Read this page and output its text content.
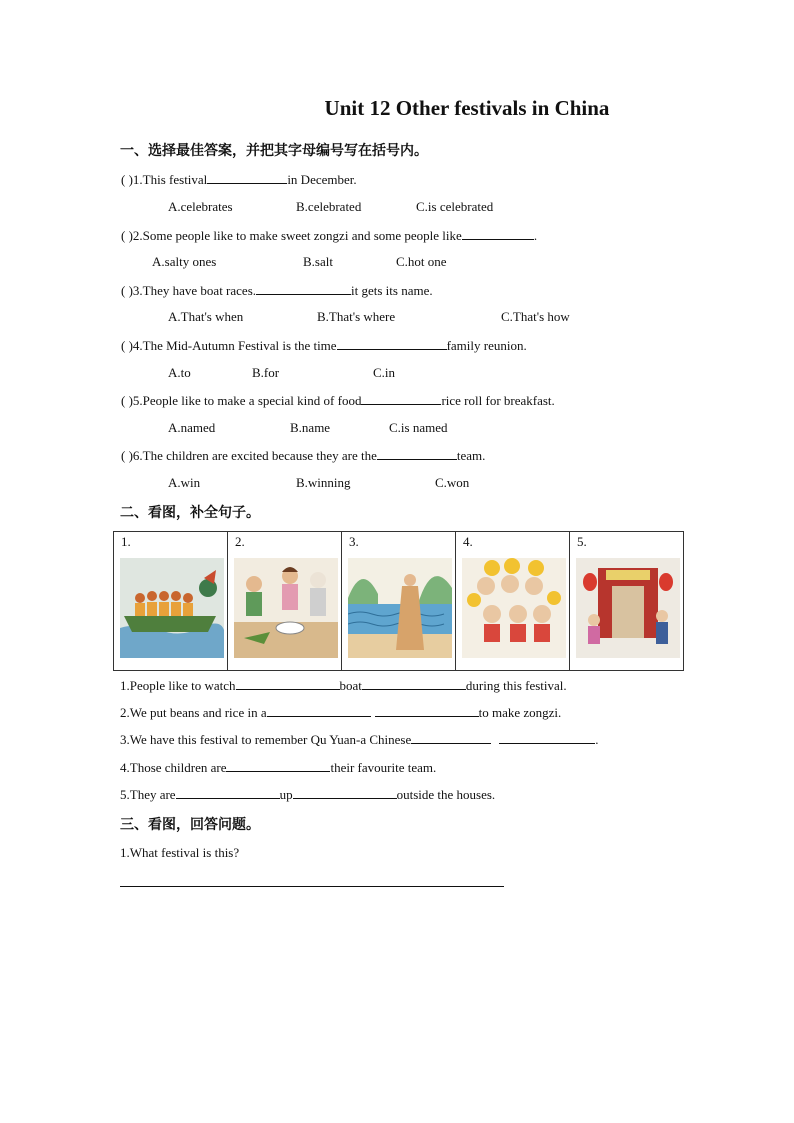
Unit 12 Other festivals in China
一、选择最佳答案，并把其字母编号写在括号内。
( )1.This festival	in December.
A.celebrates	B.celebrated	C.is celebrated
( )2.Some people like to make sweet zongzi and some people like	.
A.salty ones	B.salt	C.hot one
( )3.They have boat races.	it gets its name.
A.That's when	B.That's where	C.That's how
( )4.The Mid-Autumn Festival is the time	family reunion.
A.to	B.for	C.in
( )5.People like to make a special kind of food	rice roll for breakfast.
A.named	B.name	C.is named
( )6.The children are excited because they are the	team.
A.win	B.winning	C.won
二、看图，补全句子。
1.	2.	3.	4.	5.
1.People like to watch	boat	during this festival.
2.We put beans and rice in a	to make zongzi.
3.We have this festival to remember Qu Yuan-a Chinese	.
4.Those children are	their favourite team.
5.They are	up	outside the houses.
三、看图，回答问题。
1.What festival is this?
